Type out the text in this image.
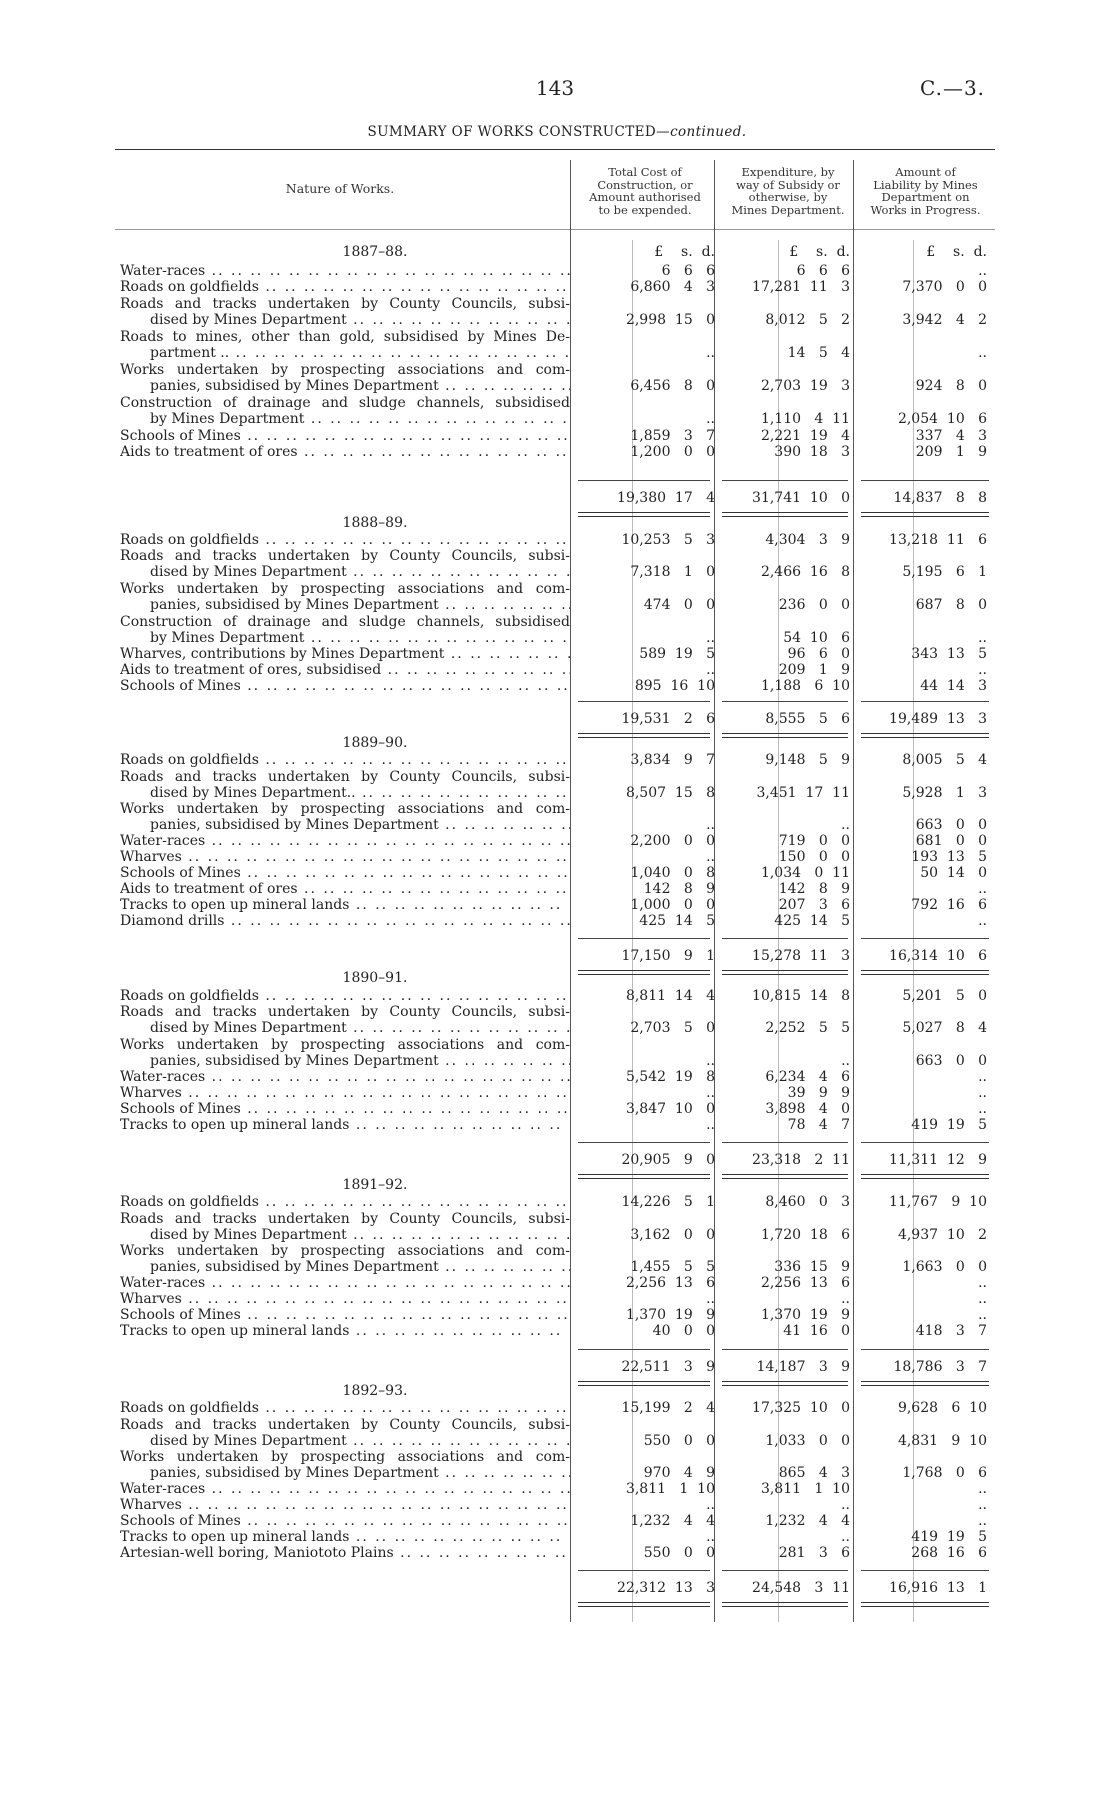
143	C.—3.
SUMMARY OF WORKS CONSTRUCTED—continued.
Nature of Works.
Total Cost of
Construction, or
Amount authorised
to be expended.
Expenditure, by
way of Subsidy or
otherwise, by
Mines Department.
Amount of
Liability by Mines
Department on
Works in Progress.
£    s.  d.	£    s.  d.	£    s.  d.
1887–88.
Water-races .. ..	6   6   6	6   6   6	..
Roads on goldfields .. ..	6,860   4   3	17,281  11   3	7,370   0   0
Roads and tracks undertaken by County Councils, subsi-
dised by Mines Department .. ..	2,998  15   0	8,012   5   2	3,942   4   2
Roads to mines, other than gold, subsidised by Mines De-
partment .. .. ..	..	14   5   4	..
Works undertaken by prospecting associations and com-
panies, subsidised by Mines Department .. ..	6,456   8   0	2,703  19   3	924   8   0
Construction of drainage and sludge channels, subsidised
by Mines Department .. ..	..	1,110   4  11	2,054  10   6
Schools of Mines .. ..	1,859   3   7	2,221  19   4	337   4   3
Aids to treatment of ores .. ..	1,200   0   0	390  18   3	209   1   9
19,380  17   4	31,741  10   0	14,837   8   8
1888–89.
Roads on goldfields .. ..	10,253   5   3	4,304   3   9	13,218  11   6
Roads and tracks undertaken by County Councils, subsi-
dised by Mines Department .. ..	7,318   1   0	2,466  16   8	5,195   6   1
Works undertaken by prospecting associations and com-
panies, subsidised by Mines Department .. ..	474   0   0	236   0   0	687   8   0
Construction of drainage and sludge channels, subsidised
by Mines Department .. ..	..	54  10   6	..
Wharves, contributions by Mines Department .. ..	589  19   5	96   6   0	343  13   5
Aids to treatment of ores, subsidised .. ..	..	209   1   9	..
Schools of Mines .. ..	895  16  10	1,188   6  10	44  14   3
19,531   2   6	8,555   5   6	19,489  13   3
1889–90.
Roads on goldfields .. ..	3,834   9   7	9,148   5   9	8,005   5   4
Roads and tracks undertaken by County Councils, subsi-
dised by Mines Department.. .. ..	8,507  15   8	3,451  17  11	5,928   1   3
Works undertaken by prospecting associations and com-
panies, subsidised by Mines Department .. ..	..	..	663   0   0
Water-races .. ..	2,200   0   0	719   0   0	681   0   0
Wharves .. ..	..	150   0   0	193  13   5
Schools of Mines .. ..	1,040   0   8	1,034   0  11	50  14   0
Aids to treatment of ores .. ..	142   8   9	142   8   9	..
Tracks to open up mineral lands .. ..	1,000   0   0	207   3   6	792  16   6
Diamond drills .. ..	425  14   5	425  14   5	..
17,150   9   1	15,278  11   3	16,314  10   6
1890–91.
Roads on goldfields .. ..	8,811  14   4	10,815  14   8	5,201   5   0
Roads and tracks undertaken by County Councils, subsi-
dised by Mines Department .. ..	2,703   5   0	2,252   5   5	5,027   8   4
Works undertaken by prospecting associations and com-
panies, subsidised by Mines Department .. ..	..	..	663   0   0
Water-races .. ..	5,542  19   8	6,234   4   6	..
Wharves .. ..	..	39   9   9	..
Schools of Mines .. ..	3,847  10   0	3,898   4   0	..
Tracks to open up mineral lands .. ..	..	78   4   7	419  19   5
20,905   9   0	23,318   2  11	11,311  12   9
1891–92.
Roads on goldfields .. ..	14,226   5   1	8,460   0   3	11,767   9  10
Roads and tracks undertaken by County Councils, subsi-
dised by Mines Department .. ..	3,162   0   0	1,720  18   6	4,937  10   2
Works undertaken by prospecting associations and com-
panies, subsidised by Mines Department .. ..	1,455   5   5	336  15   9	1,663   0   0
Water-races .. ..	2,256  13   6	2,256  13   6	..
Wharves .. ..	..	..	..
Schools of Mines .. ..	1,370  19   9	1,370  19   9	..
Tracks to open up mineral lands .. ..	40   0   0	41  16   0	418   3   7
22,511   3   9	14,187   3   9	18,786   3   7
1892–93.
Roads on goldfields .. ..	15,199   2   4	17,325  10   0	9,628   6  10
Roads and tracks undertaken by County Councils, subsi-
dised by Mines Department .. ..	550   0   0	1,033   0   0	4,831   9  10
Works undertaken by prospecting associations and com-
panies, subsidised by Mines Department .. ..	970   4   9	865   4   3	1,768   0   6
Water-races .. ..	3,811   1  10	3,811   1  10	..
Wharves .. ..	..	..	..
Schools of Mines .. ..	1,232   4   4	1,232   4   4	..
Tracks to open up mineral lands .. ..	..	..	419  19   5
Artesian-well boring, Maniototo Plains .. ..	550   0   0	281   3   6	268  16   6
22,312  13   3	24,548   3  11	16,916  13   1
